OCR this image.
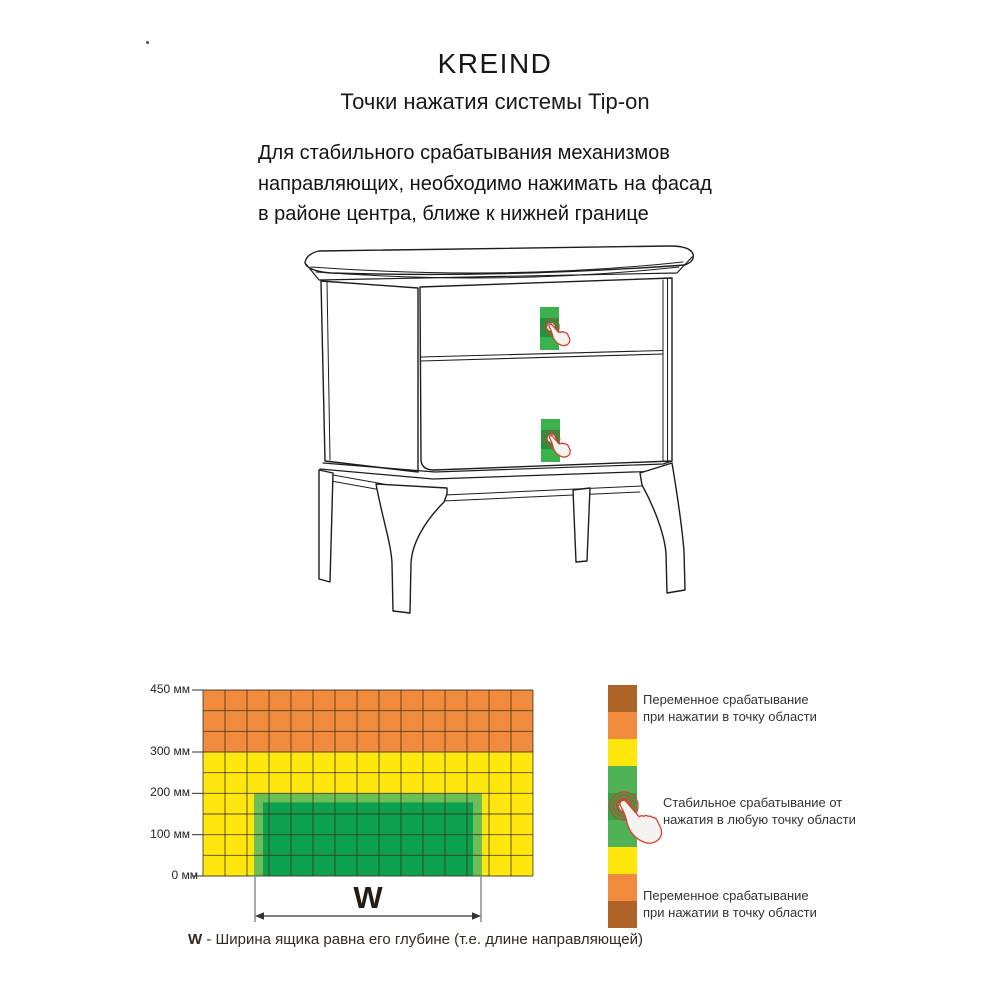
KREIND
Точки нажатия системы Tip-on
Для стабильного срабатывания механизмов
направляющих, необходимо нажимать на фасад
в районе центра, ближе к нижней границе
450 мм
300 мм
200 мм
100 мм
0 мм
Переменное срабатывание
при нажатии в точку области
Стабильное срабатывание от
нажатия в любую точку области
Переменное срабатывание
при нажатии в точку области
W
W - Ширина ящика равна его глубине (т.е. длине направляющей)
